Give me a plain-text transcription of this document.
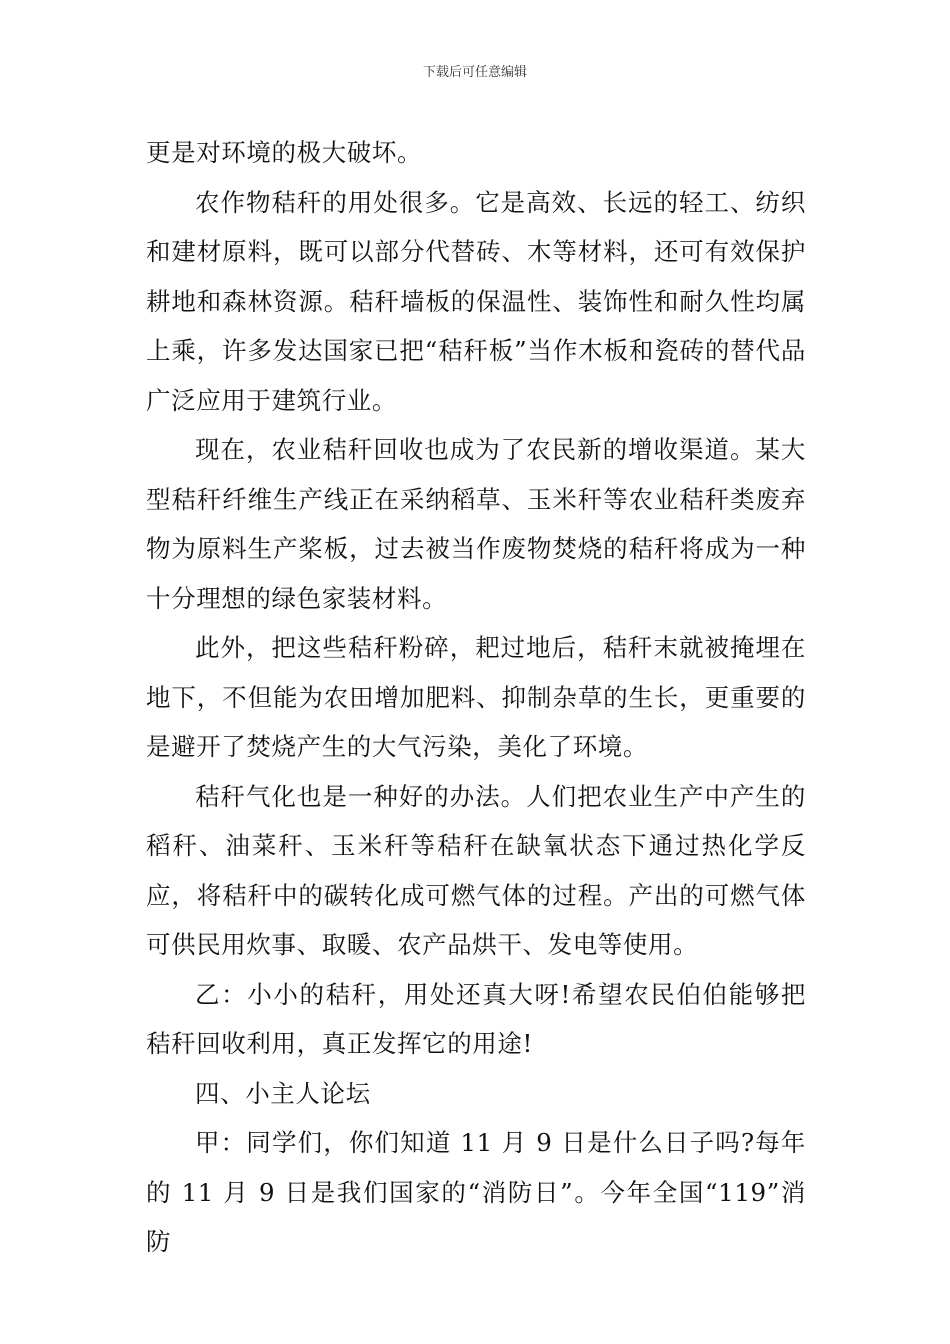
下载后可任意编辑

更是对环境的极大破坏。

农作物秸秆的用处很多。它是高效、长远的轻工、纺织和建材原料，既可以部分代替砖、木等材料，还可有效保护耕地和森林资源。秸秆墙板的保温性、装饰性和耐久性均属上乘，许多发达国家已把“秸秆板”当作木板和瓷砖的替代品广泛应用于建筑行业。

现在，农业秸秆回收也成为了农民新的增收渠道。某大型秸秆纤维生产线正在采纳稻草、玉米秆等农业秸秆类废弃物为原料生产桨板，过去被当作废物焚烧的秸秆将成为一种十分理想的绿色家装材料。

此外，把这些秸秆粉碎，耙过地后，秸秆末就被掩埋在地下，不但能为农田增加肥料、抑制杂草的生长，更重要的是避开了焚烧产生的大气污染，美化了环境。

秸秆气化也是一种好的办法。人们把农业生产中产生的稻秆、油菜秆、玉米秆等秸秆在缺氧状态下通过热化学反应，将秸秆中的碳转化成可燃气体的过程。产出的可燃气体可供民用炊事、取暖、农产品烘干、发电等使用。

乙：小小的秸秆，用处还真大呀!希望农民伯伯能够把秸秆回收利用，真正发挥它的用途!

四、小主人论坛

甲：同学们，你们知道 11 月 9 日是什么日子吗?每年的 11 月 9 日是我们国家的“消防日”。今年全国“119”消防
